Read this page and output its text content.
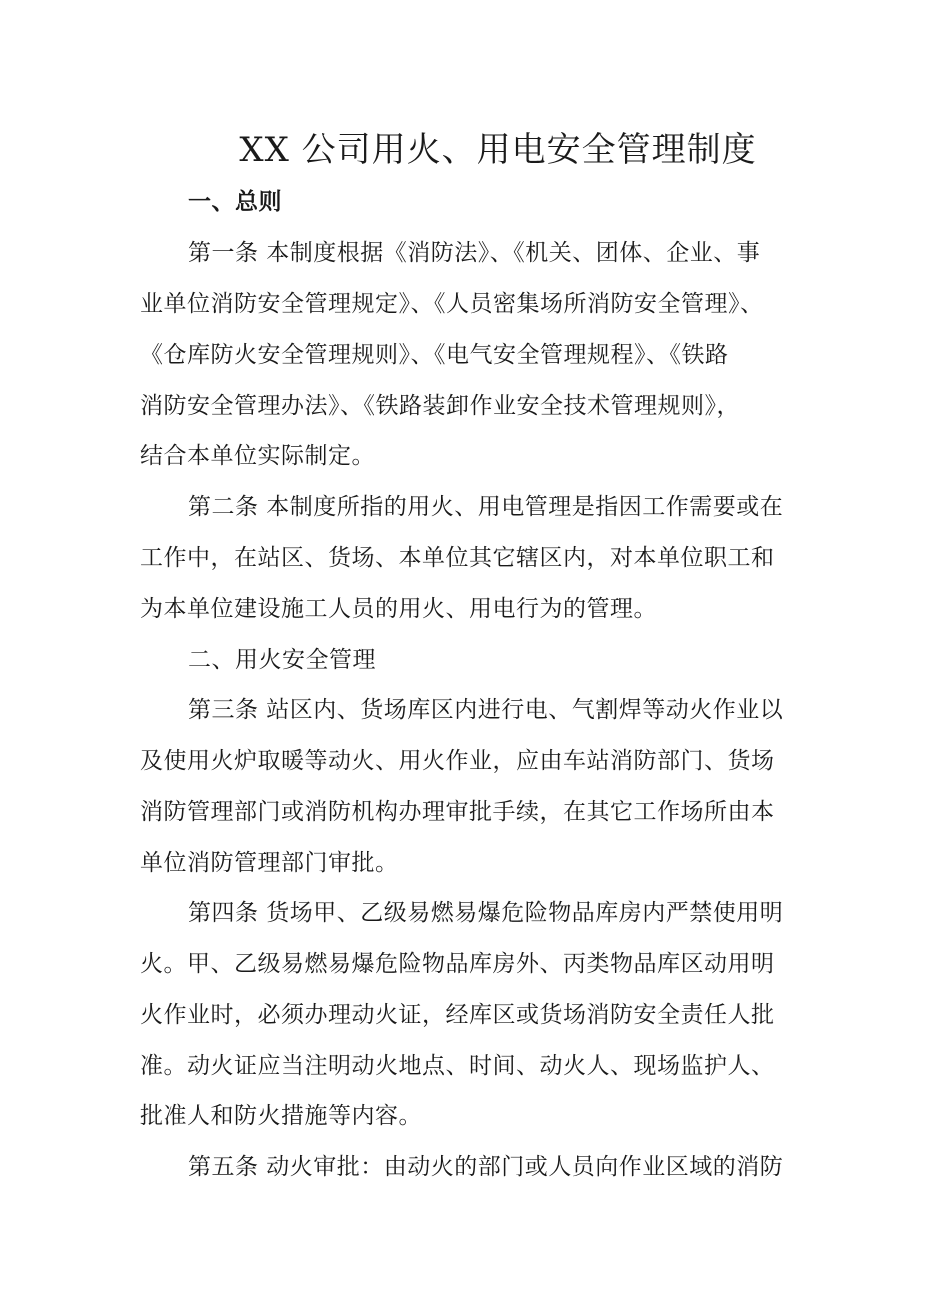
XX 公司用火、用电安全管理制度
一、总则
第一条 本制度根据《消防法》、《机关、团体、企业、事
业单位消防安全管理规定》、《人员密集场所消防安全管理》、
《仓库防火安全管理规则》、《电气安全管理规程》、《铁路
消防安全管理办法》、《铁路装卸作业安全技术管理规则》，
结合本单位实际制定。
第二条 本制度所指的用火、用电管理是指因工作需要或在
工作中，在站区、货场、本单位其它辖区内，对本单位职工和
为本单位建设施工人员的用火、用电行为的管理。
二、用火安全管理
第三条 站区内、货场库区内进行电、气割焊等动火作业以
及使用火炉取暖等动火、用火作业，应由车站消防部门、货场
消防管理部门或消防机构办理审批手续，在其它工作场所由本
单位消防管理部门审批。
第四条 货场甲、乙级易燃易爆危险物品库房内严禁使用明
火。甲、乙级易燃易爆危险物品库房外、丙类物品库区动用明
火作业时，必须办理动火证，经库区或货场消防安全责任人批
准。动火证应当注明动火地点、时间、动火人、现场监护人、
批准人和防火措施等内容。
第五条 动火审批：由动火的部门或人员向作业区域的消防
